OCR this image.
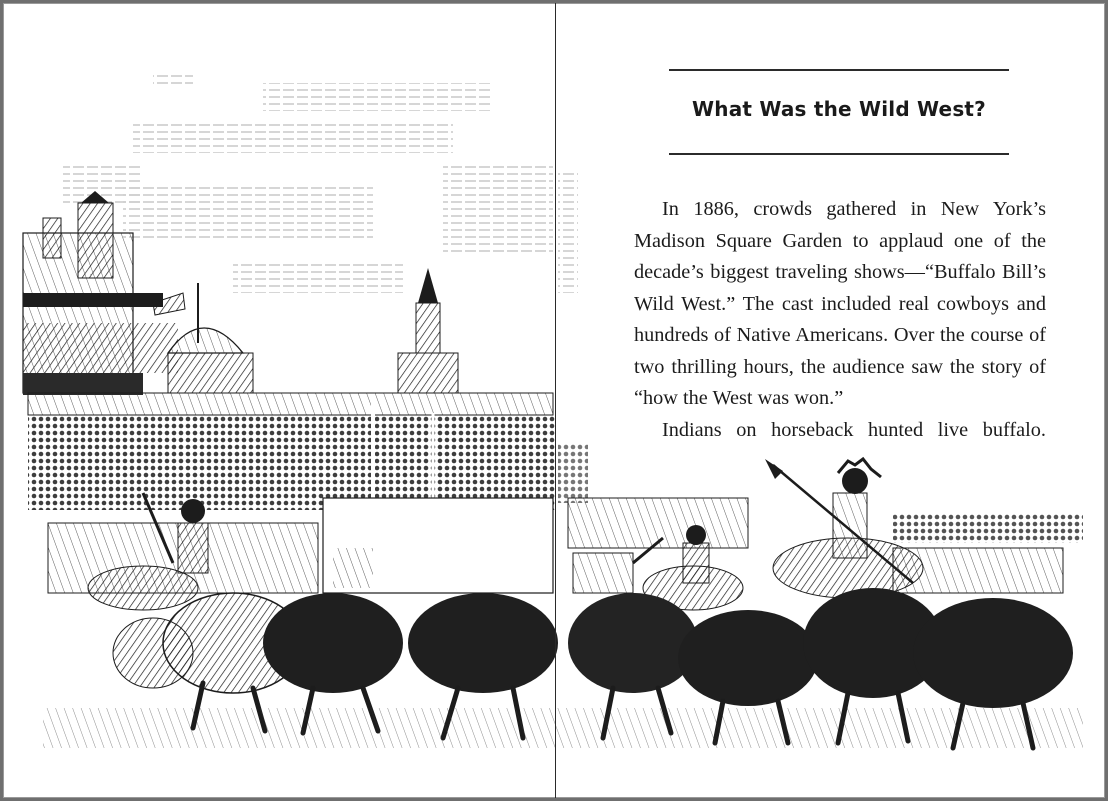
What Was the Wild West?

In 1886, crowds gathered in New York’s Madison Square Garden to applaud one of the decade’s biggest traveling shows—“Buffalo Bill’s Wild West.” The cast included real cowboys and hundreds of Native Americans. Over the course of two thrilling hours, the audience saw the story of “how the West was won.”

Indians on horseback hunted live buffalo.
